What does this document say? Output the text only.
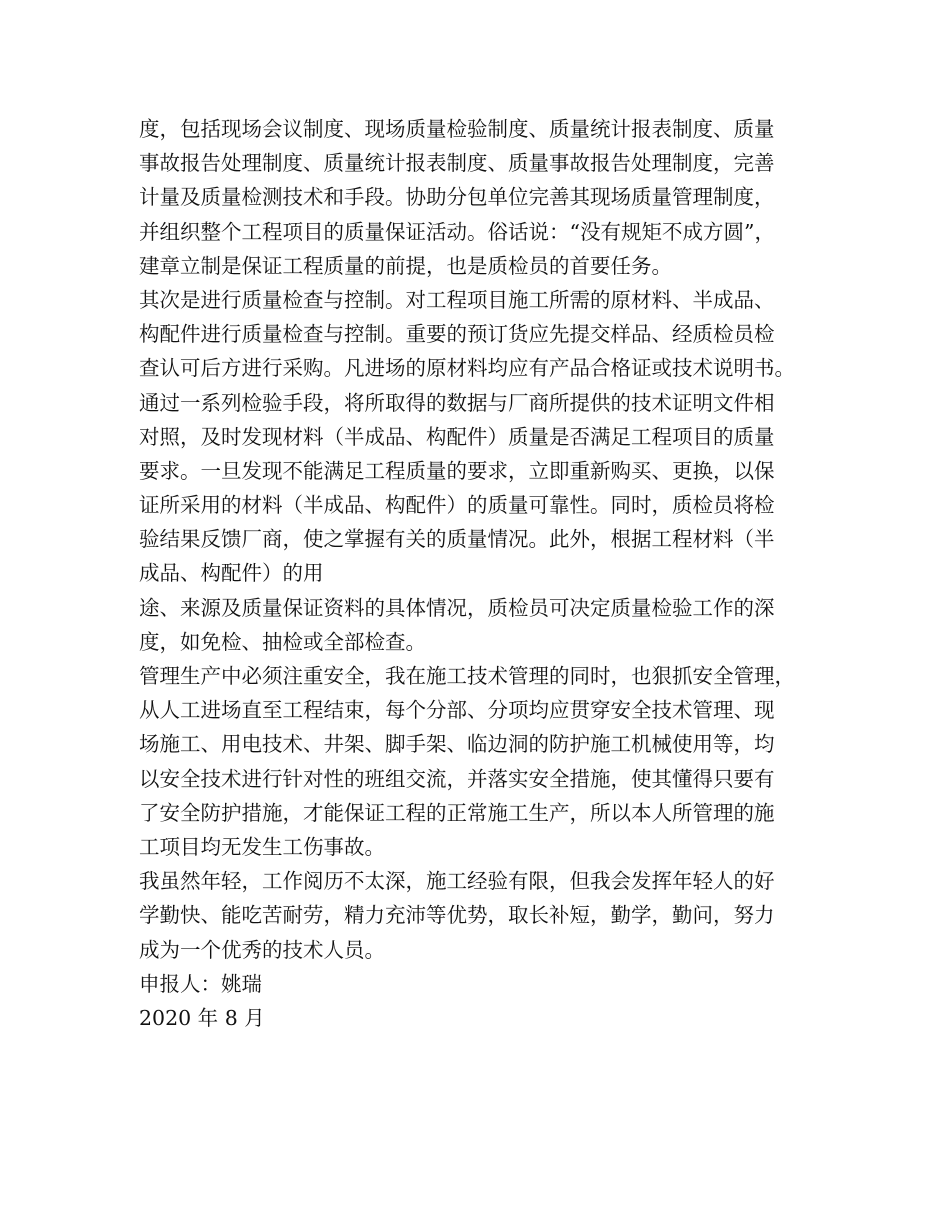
度，包括现场会议制度、现场质量检验制度、质量统计报表制度、质量
事故报告处理制度、质量统计报表制度、质量事故报告处理制度，完善
计量及质量检测技术和手段。协助分包单位完善其现场质量管理制度，
并组织整个工程项目的质量保证活动。俗话说：“没有规矩不成方圆”，
建章立制是保证工程质量的前提，也是质检员的首要任务。
其次是进行质量检查与控制。对工程项目施工所需的原材料、半成品、
构配件进行质量检查与控制。重要的预订货应先提交样品、经质检员检
查认可后方进行采购。凡进场的原材料均应有产品合格证或技术说明书。
通过一系列检验手段，将所取得的数据与厂商所提供的技术证明文件相
对照，及时发现材料（半成品、构配件）质量是否满足工程项目的质量
要求。一旦发现不能满足工程质量的要求，立即重新购买、更换，以保
证所采用的材料（半成品、构配件）的质量可靠性。同时，质检员将检
验结果反馈厂商，使之掌握有关的质量情况。此外，根据工程材料（半
成品、构配件）的用
途、来源及质量保证资料的具体情况，质检员可决定质量检验工作的深
度，如免检、抽检或全部检查。
管理生产中必须注重安全，我在施工技术管理的同时，也狠抓安全管理，
从人工进场直至工程结束，每个分部、分项均应贯穿安全技术管理、现
场施工、用电技术、井架、脚手架、临边洞的防护施工机械使用等，均
以安全技术进行针对性的班组交流，并落实安全措施，使其懂得只要有
了安全防护措施，才能保证工程的正常施工生产，所以本人所管理的施
工项目均无发生工伤事故。
我虽然年轻，工作阅历不太深，施工经验有限，但我会发挥年轻人的好
学勤快、能吃苦耐劳，精力充沛等优势，取长补短，勤学，勤问，努力
成为一个优秀的技术人员。
申报人：姚瑞
2020 年 8 月
